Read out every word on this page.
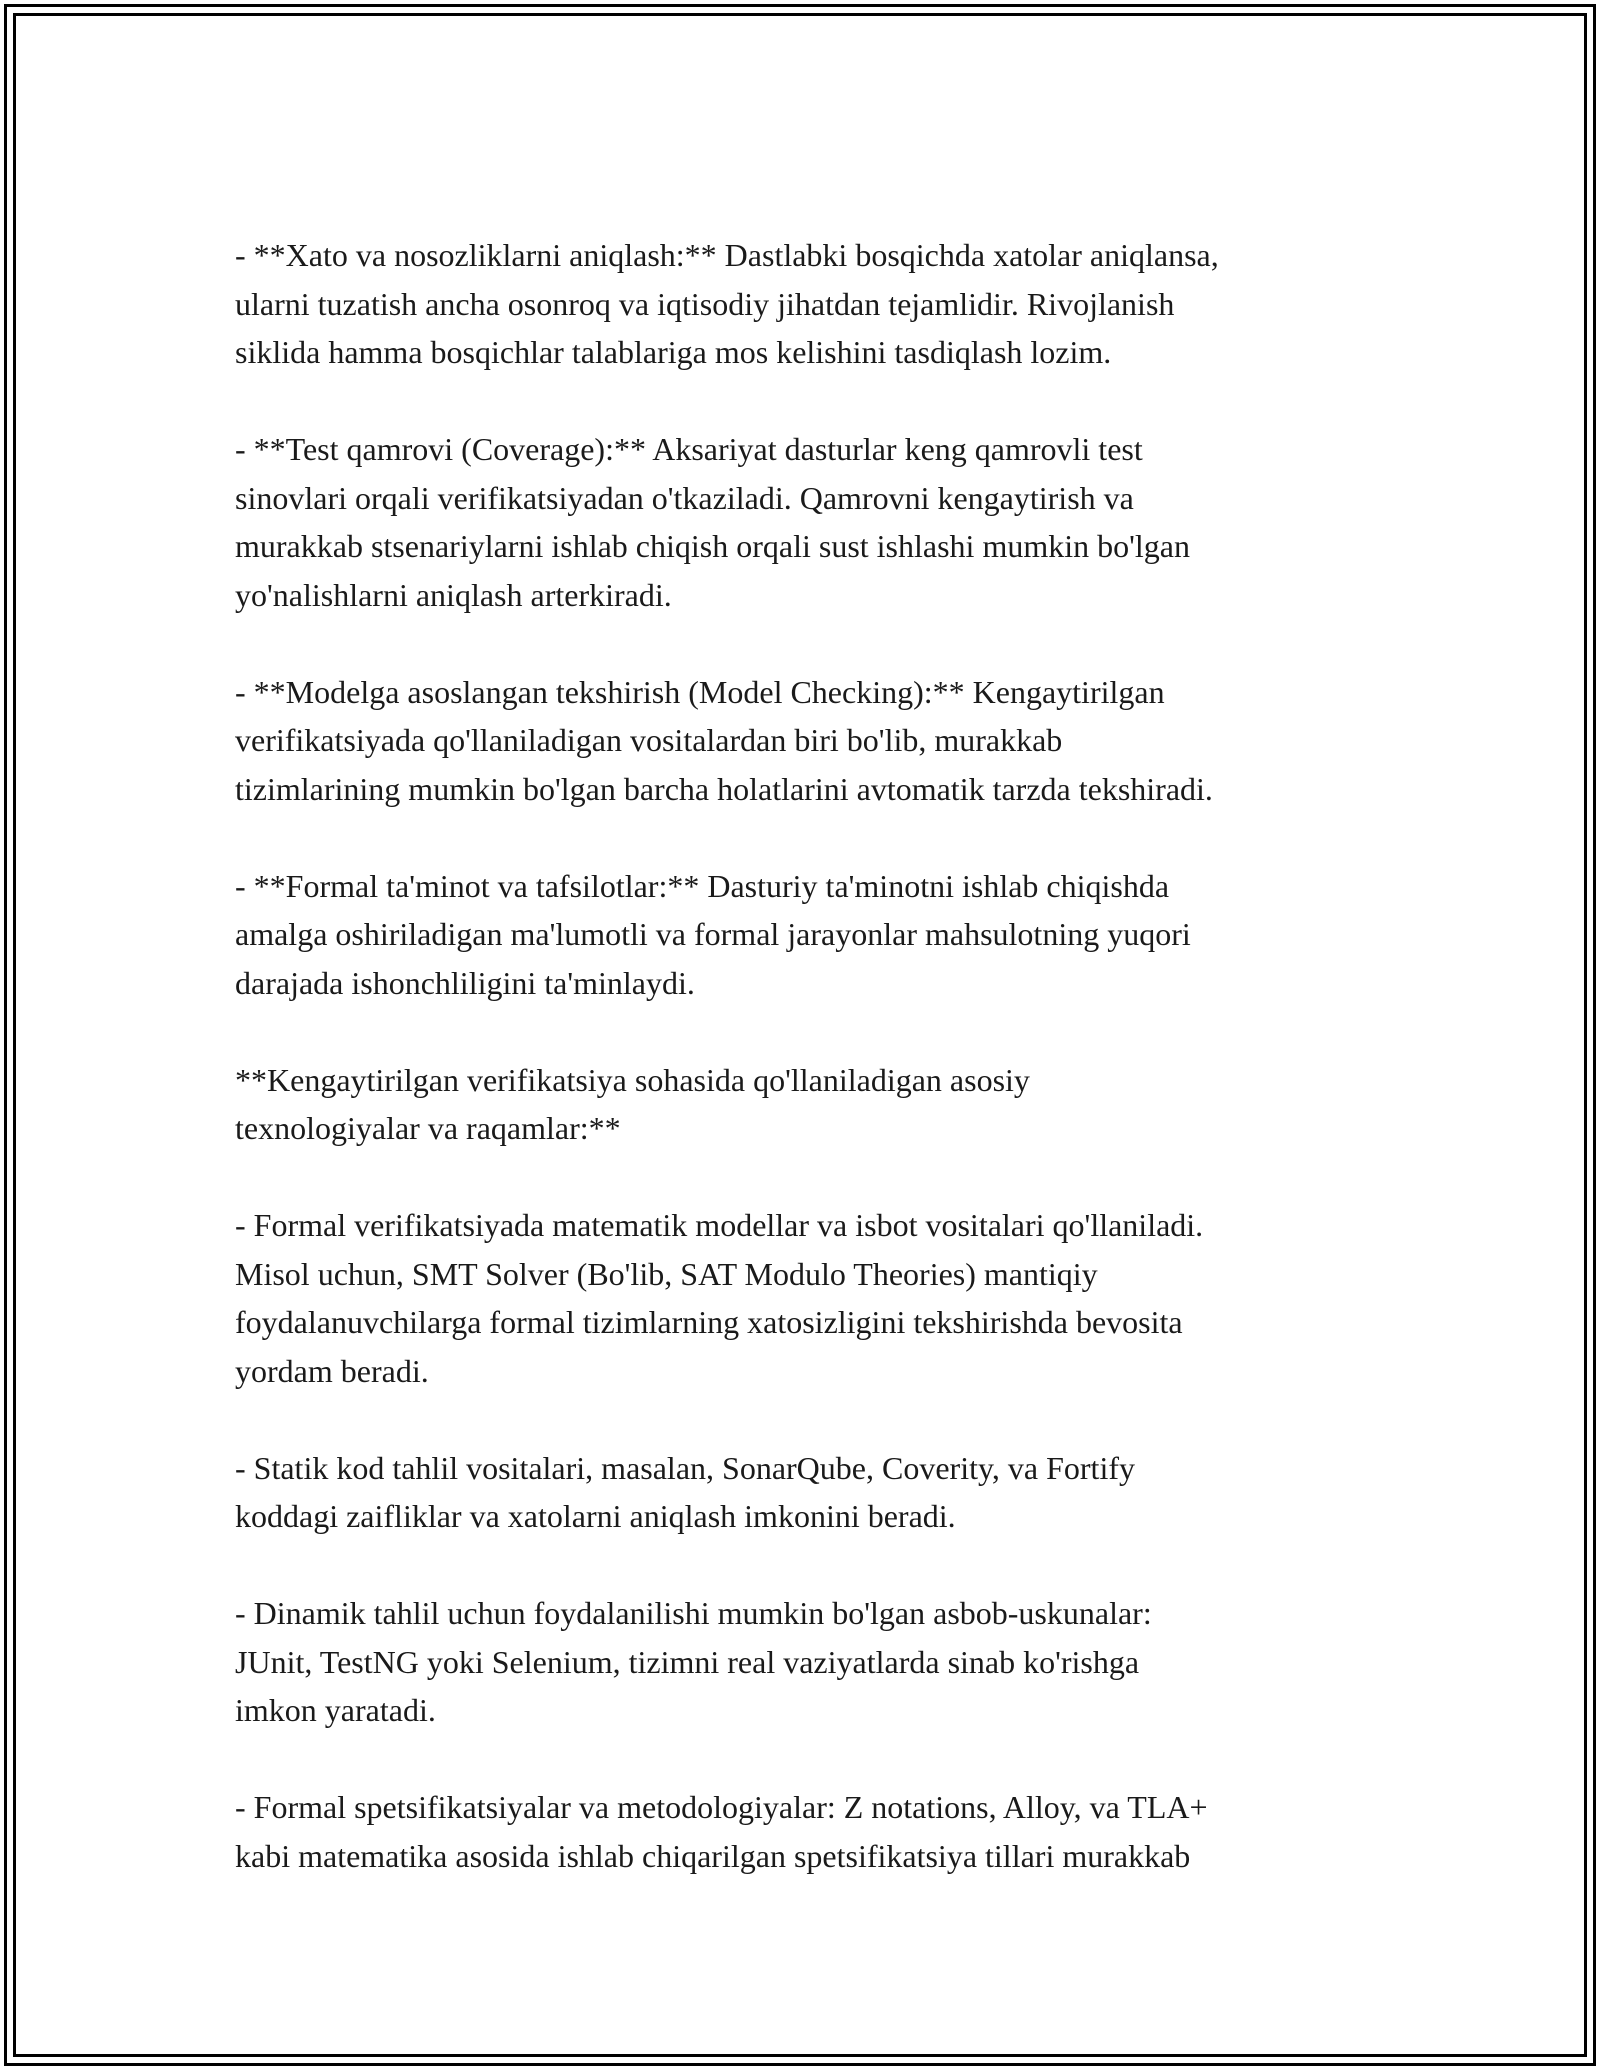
- **Xato va nosozliklarni aniqlash:** Dastlabki bosqichda xatolar aniqlansa,
ularni tuzatish ancha osonroq va iqtisodiy jihatdan tejamlidir. Rivojlanish
siklida hamma bosqichlar talablariga mos kelishini tasdiqlash lozim.

- **Test qamrovi (Coverage):** Aksariyat dasturlar keng qamrovli test
sinovlari orqali verifikatsiyadan o'tkaziladi. Qamrovni kengaytirish va
murakkab stsenariylarni ishlab chiqish orqali sust ishlashi mumkin bo'lgan
yo'nalishlarni aniqlash arterkiradi.

- **Modelga asoslangan tekshirish (Model Checking):** Kengaytirilgan
verifikatsiyada qo'llaniladigan vositalardan biri bo'lib, murakkab
tizimlarining mumkin bo'lgan barcha holatlarini avtomatik tarzda tekshiradi.

- **Formal ta'minot va tafsilotlar:** Dasturiy ta'minotni ishlab chiqishda
amalga oshiriladigan ma'lumotli va formal jarayonlar mahsulotning yuqori
darajada ishonchliligini ta'minlaydi.

**Kengaytirilgan verifikatsiya sohasida qo'llaniladigan asosiy
texnologiyalar va raqamlar:**

- Formal verifikatsiyada matematik modellar va isbot vositalari qo'llaniladi.
Misol uchun, SMT Solver (Bo'lib, SAT Modulo Theories) mantiqiy
foydalanuvchilarga formal tizimlarning xatosizligini tekshirishda bevosita
yordam beradi.

- Statik kod tahlil vositalari, masalan, SonarQube, Coverity, va Fortify
koddagi zaifliklar va xatolarni aniqlash imkonini beradi.

- Dinamik tahlil uchun foydalanilishi mumkin bo'lgan asbob-uskunalar:
JUnit, TestNG yoki Selenium, tizimni real vaziyatlarda sinab ko'rishga
imkon yaratadi.

- Formal spetsifikatsiyalar va metodologiyalar: Z notations, Alloy, va TLA+
kabi matematika asosida ishlab chiqarilgan spetsifikatsiya tillari murakkab
